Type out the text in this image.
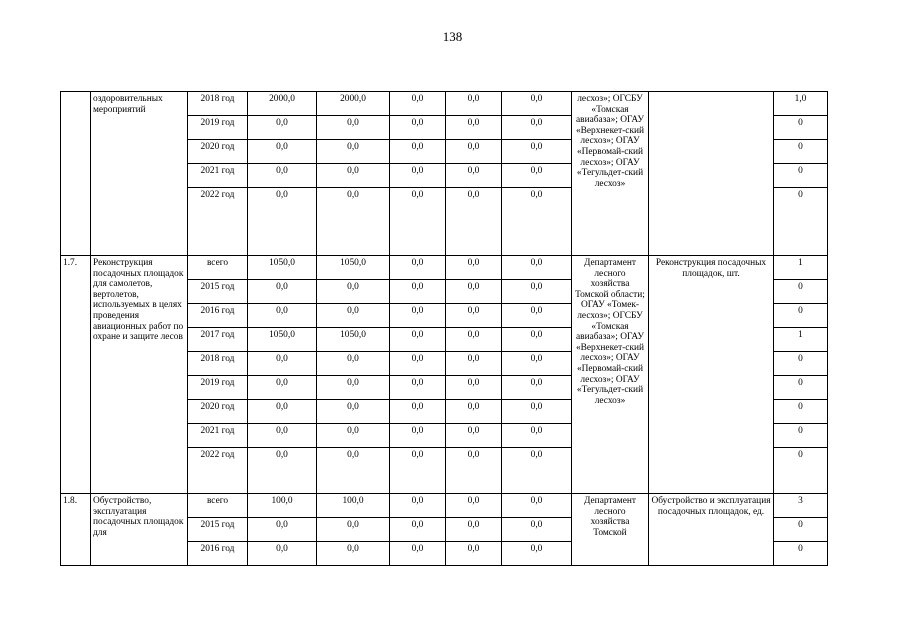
138
	оздоровительных мероприятий	2018 год	2000,0	2000,0	0,0	0,0	0,0	лесхоз»; ОГСБУ «Томская авиабаза»; ОГАУ «Верхнекет-ский лесхоз»; ОГАУ «Первомай-ский лесхоз»; ОГАУ «Тегульдет-ский лесхоз»		1,0
		2019 год	0,0	0,0	0,0	0,0	0,0			0
		2020 год	0,0	0,0	0,0	0,0	0,0			0
		2021 год	0,0	0,0	0,0	0,0	0,0			0
		2022 год	0,0	0,0	0,0	0,0	0,0			0
1.7.	Реконструкция посадочных площадок для самолетов, вертолетов, используемых в целях проведения авиационных работ по охране и защите лесов	всего	1050,0	1050,0	0,0	0,0	0,0	Департамент лесного хозяйства Томской области; ОГАУ «Томек-лесхоз»; ОГСБУ «Томская авиабаза»; ОГАУ «Верхнекет-ский лесхоз»; ОГАУ «Первомай-ский лесхоз»; ОГАУ «Тегульдет-ский лесхоз»	Реконструкция посадочных площадок, шт.	1
		2015 год	0,0	0,0	0,0	0,0	0,0			0
		2016 год	0,0	0,0	0,0	0,0	0,0			0
		2017 год	1050,0	1050,0	0,0	0,0	0,0			1
		2018 год	0,0	0,0	0,0	0,0	0,0			0
		2019 год	0,0	0,0	0,0	0,0	0,0			0
		2020 год	0,0	0,0	0,0	0,0	0,0			0
		2021 год	0,0	0,0	0,0	0,0	0,0			0
		2022 год	0,0	0,0	0,0	0,0	0,0			0
1.8.	Обустройство, эксплуатация посадочных площадок для	всего	100,0	100,0	0,0	0,0	0,0	Департамент лесного хозяйства Томской	Обустройство и эксплуатация посадочных площадок, ед.	3
		2015 год	0,0	0,0	0,0	0,0	0,0			0
		2016 год	0,0	0,0	0,0	0,0	0,0			0
